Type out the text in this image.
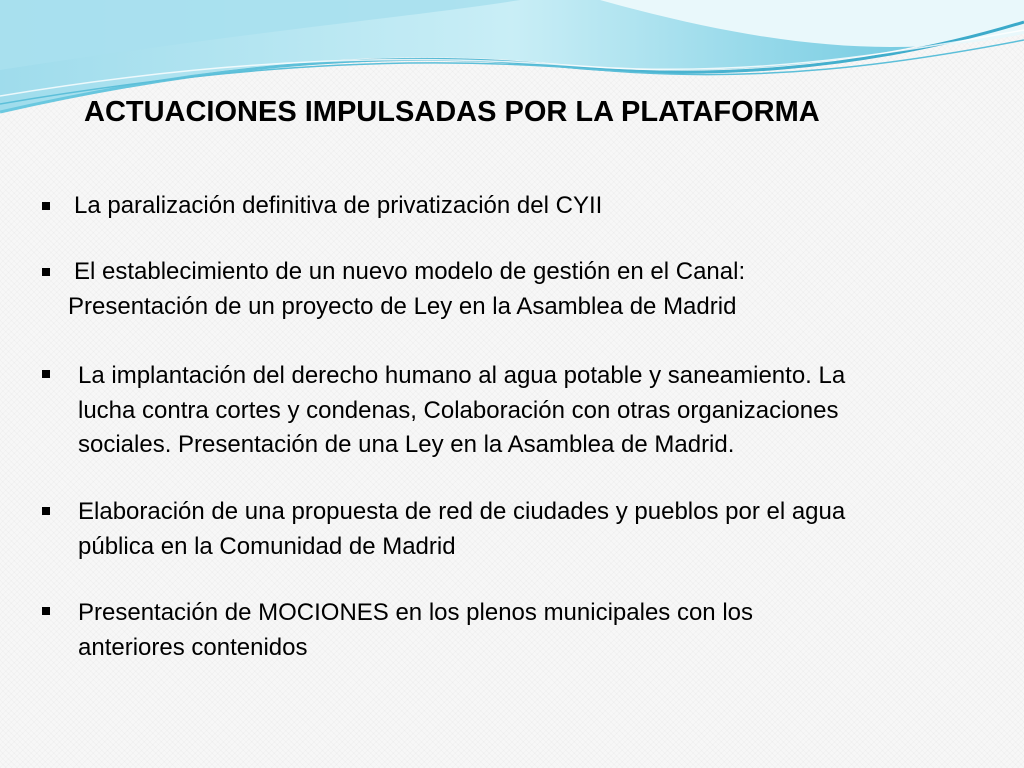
ACTUACIONES IMPULSADAS POR LA PLATAFORMA
La paralización definitiva de privatización del CYII
El establecimiento de un nuevo modelo de gestión en el Canal:
Presentación de un proyecto de Ley en la Asamblea de Madrid
La implantación del derecho humano al agua potable y saneamiento. La
lucha contra cortes y condenas, Colaboración con otras organizaciones
sociales. Presentación de una Ley en la Asamblea de Madrid.
Elaboración de una propuesta de red de ciudades y pueblos por el agua
pública en la Comunidad de Madrid
Presentación de MOCIONES en los plenos municipales con los
anteriores contenidos
